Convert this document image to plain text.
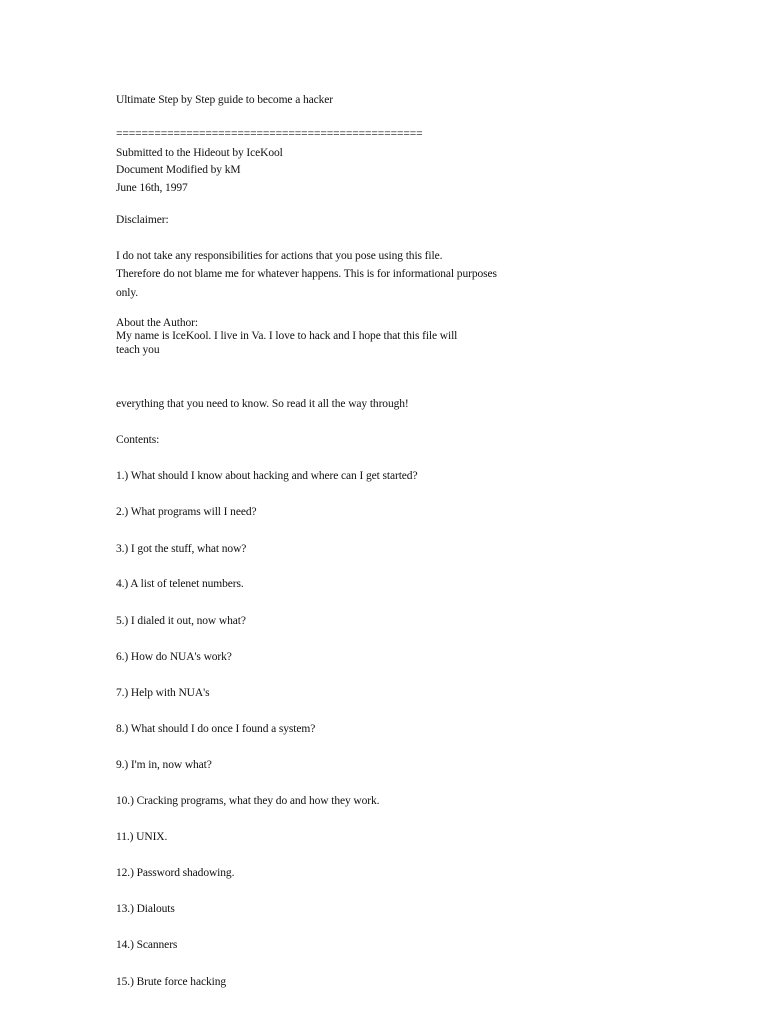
Ultimate Step by Step guide to become a hacker
================================================
Submitted to the Hideout by IceKool
Document Modified by kM
June 16th, 1997
Disclaimer:
I do not take any responsibilities for actions that you pose using this file.
Therefore do not blame me for whatever happens. This is for informational purposes
only.
About the Author:
My name is IceKool. I live in Va. I love to hack and I hope that this file will
teach you
everything that you need to know. So read it all the way through!
Contents:
1.) What should I know about hacking and where can I get started?
2.) What programs will I need?
3.) I got the stuff, what now?
4.) A list of telenet numbers.
5.) I dialed it out, now what?
6.) How do NUA's work?
7.) Help with NUA's
8.) What should I do once I found a system?
9.) I'm in, now what?
10.) Cracking programs, what they do and how they work.
11.) UNIX.
12.) Password shadowing.
13.) Dialouts
14.) Scanners
15.) Brute force hacking
